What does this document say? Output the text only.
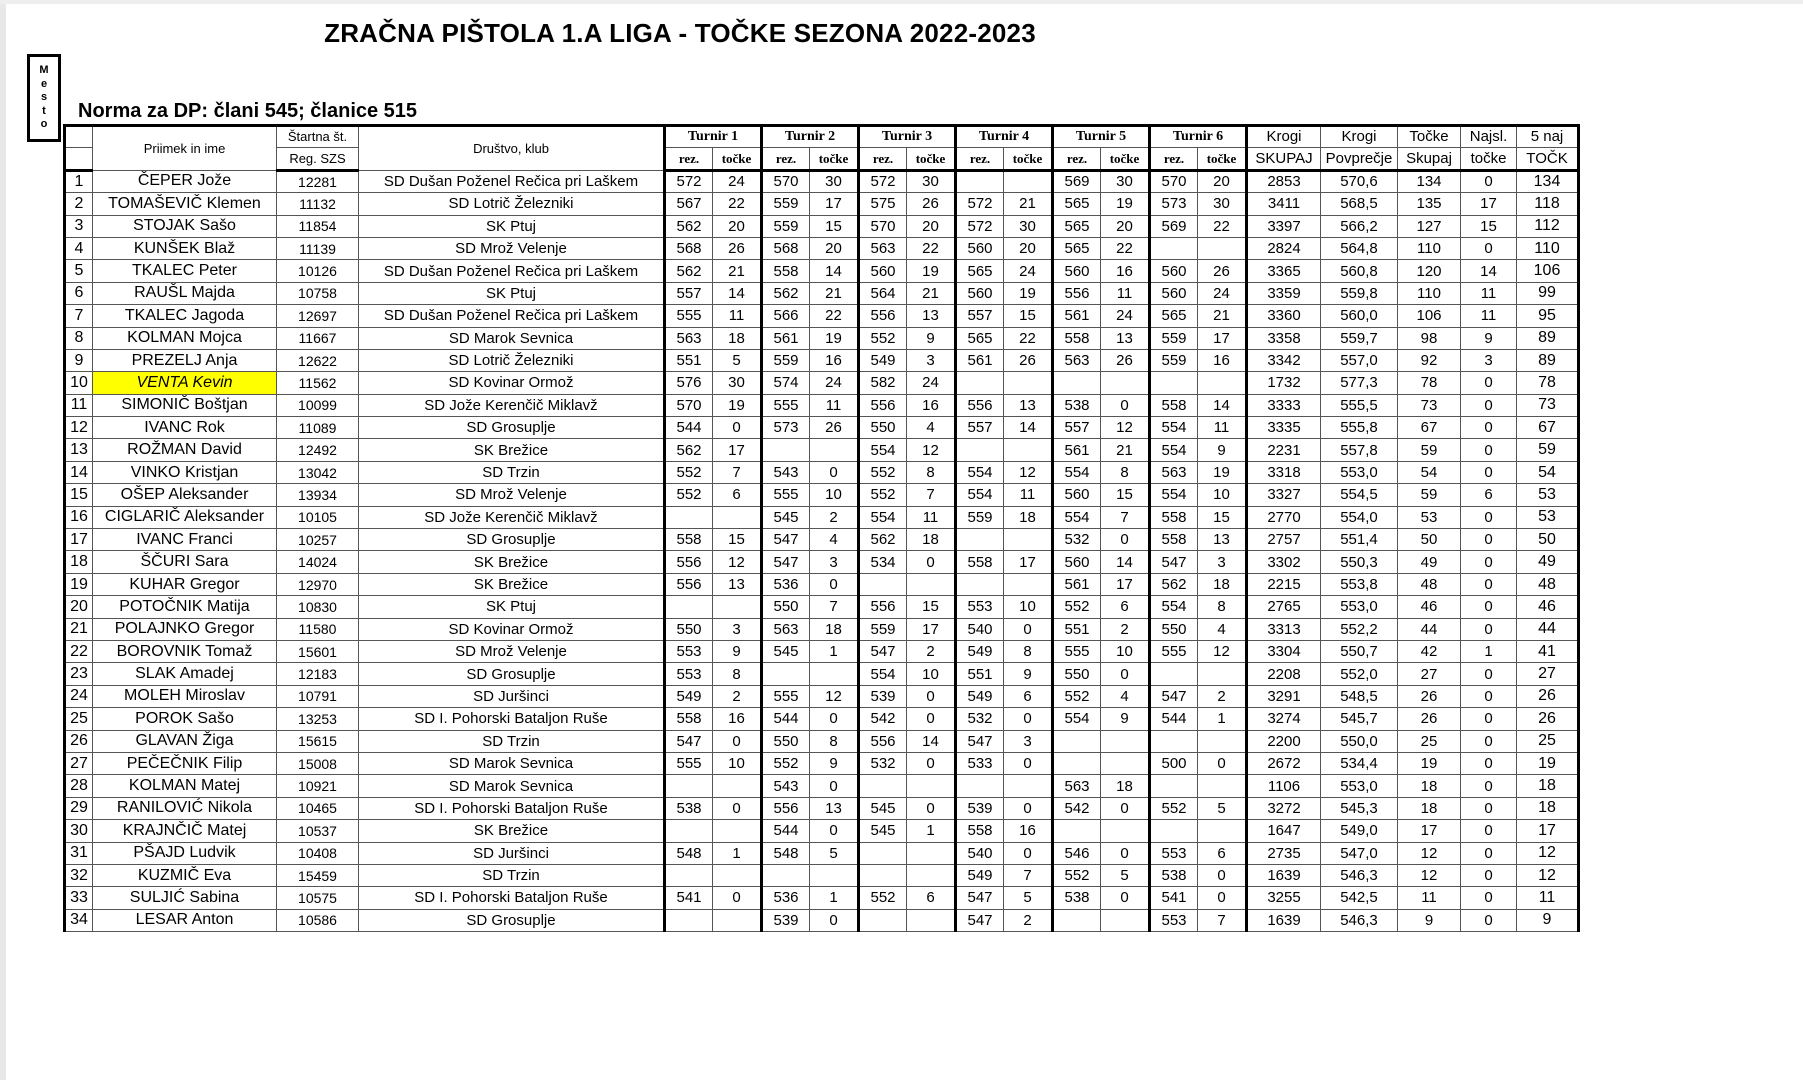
ZRAČNA PIŠTOLA 1.A LIGA - TOČKE SEZONA 2022-2023
M
e
s
t
o
Norma za DP: člani 545; članice 515
	Priimek in ime	Štartna št.	Društvo, klub	Turnir 1		Turnir 2		Turnir 3		Turnir 4		Turnir 5		Turnir 6		Krogi	Krogi	Točke	Najsl.	5 naj
		Reg. SZS		rez.	točke	rez.	točke	rez.	točke	rez.	točke	rez.	točke	rez.	točke	SKUPAJ	Povprečje	Skupaj	točke	TOČK
1	ČEPER Jože	12281	SD Dušan Poženel Rečica pri Laškem	572	24	570	30	572	30			569	30	570	20	2853	570,6	134	0	134
2	TOMAŠEVIČ Klemen	11132	SD Lotrič Železniki	567	22	559	17	575	26	572	21	565	19	573	30	3411	568,5	135	17	118
3	STOJAK Sašo	11854	SK Ptuj	562	20	559	15	570	20	572	30	565	20	569	22	3397	566,2	127	15	112
4	KUNŠEK Blaž	11139	SD Mrož Velenje	568	26	568	20	563	22	560	20	565	22			2824	564,8	110	0	110
5	TKALEC Peter	10126	SD Dušan Poženel Rečica pri Laškem	562	21	558	14	560	19	565	24	560	16	560	26	3365	560,8	120	14	106
6	RAUŠL Majda	10758	SK Ptuj	557	14	562	21	564	21	560	19	556	11	560	24	3359	559,8	110	11	99
7	TKALEC Jagoda	12697	SD Dušan Poženel Rečica pri Laškem	555	11	566	22	556	13	557	15	561	24	565	21	3360	560,0	106	11	95
8	KOLMAN Mojca	11667	SD Marok Sevnica	563	18	561	19	552	9	565	22	558	13	559	17	3358	559,7	98	9	89
9	PREZELJ Anja	12622	SD Lotrič Železniki	551	5	559	16	549	3	561	26	563	26	559	16	3342	557,0	92	3	89
10	VENTA Kevin	11562	SD Kovinar Ormož	576	30	574	24	582	24							1732	577,3	78	0	78
11	SIMONIČ Boštjan	10099	SD Jože Kerenčič Miklavž	570	19	555	11	556	16	556	13	538	0	558	14	3333	555,5	73	0	73
12	IVANC Rok	11089	SD Grosuplje	544	0	573	26	550	4	557	14	557	12	554	11	3335	555,8	67	0	67
13	ROŽMAN David	12492	SK Brežice	562	17			554	12			561	21	554	9	2231	557,8	59	0	59
14	VINKO Kristjan	13042	SD Trzin	552	7	543	0	552	8	554	12	554	8	563	19	3318	553,0	54	0	54
15	OŠEP Aleksander	13934	SD Mrož Velenje	552	6	555	10	552	7	554	11	560	15	554	10	3327	554,5	59	6	53
16	CIGLARIČ Aleksander	10105	SD Jože Kerenčič Miklavž			545	2	554	11	559	18	554	7	558	15	2770	554,0	53	0	53
17	IVANC Franci	10257	SD Grosuplje	558	15	547	4	562	18			532	0	558	13	2757	551,4	50	0	50
18	ŠČURI Sara	14024	SK Brežice	556	12	547	3	534	0	558	17	560	14	547	3	3302	550,3	49	0	49
19	KUHAR Gregor	12970	SK Brežice	556	13	536	0					561	17	562	18	2215	553,8	48	0	48
20	POTOČNIK Matija	10830	SK Ptuj			550	7	556	15	553	10	552	6	554	8	2765	553,0	46	0	46
21	POLAJNKO Gregor	11580	SD Kovinar Ormož	550	3	563	18	559	17	540	0	551	2	550	4	3313	552,2	44	0	44
22	BOROVNIK Tomaž	15601	SD Mrož Velenje	553	9	545	1	547	2	549	8	555	10	555	12	3304	550,7	42	1	41
23	SLAK Amadej	12183	SD Grosuplje	553	8			554	10	551	9	550	0			2208	552,0	27	0	27
24	MOLEH Miroslav	10791	SD Juršinci	549	2	555	12	539	0	549	6	552	4	547	2	3291	548,5	26	0	26
25	POROK Sašo	13253	SD I. Pohorski Bataljon Ruše	558	16	544	0	542	0	532	0	554	9	544	1	3274	545,7	26	0	26
26	GLAVAN Žiga	15615	SD Trzin	547	0	550	8	556	14	547	3					2200	550,0	25	0	25
27	PEČEČNIK Filip	15008	SD Marok Sevnica	555	10	552	9	532	0	533	0			500	0	2672	534,4	19	0	19
28	KOLMAN Matej	10921	SD Marok Sevnica			543	0					563	18			1106	553,0	18	0	18
29	RANILOVIĆ Nikola	10465	SD I. Pohorski Bataljon Ruše	538	0	556	13	545	0	539	0	542	0	552	5	3272	545,3	18	0	18
30	KRAJNČIČ Matej	10537	SK Brežice			544	0	545	1	558	16					1647	549,0	17	0	17
31	PŠAJD Ludvik	10408	SD Juršinci	548	1	548	5			540	0	546	0	553	6	2735	547,0	12	0	12
32	KUZMIČ Eva	15459	SD Trzin							549	7	552	5	538	0	1639	546,3	12	0	12
33	SULJIĆ Sabina	10575	SD I. Pohorski Bataljon Ruše	541	0	536	1	552	6	547	5	538	0	541	0	3255	542,5	11	0	11
34	LESAR Anton	10586	SD Grosuplje			539	0			547	2			553	7	1639	546,3	9	0	9
